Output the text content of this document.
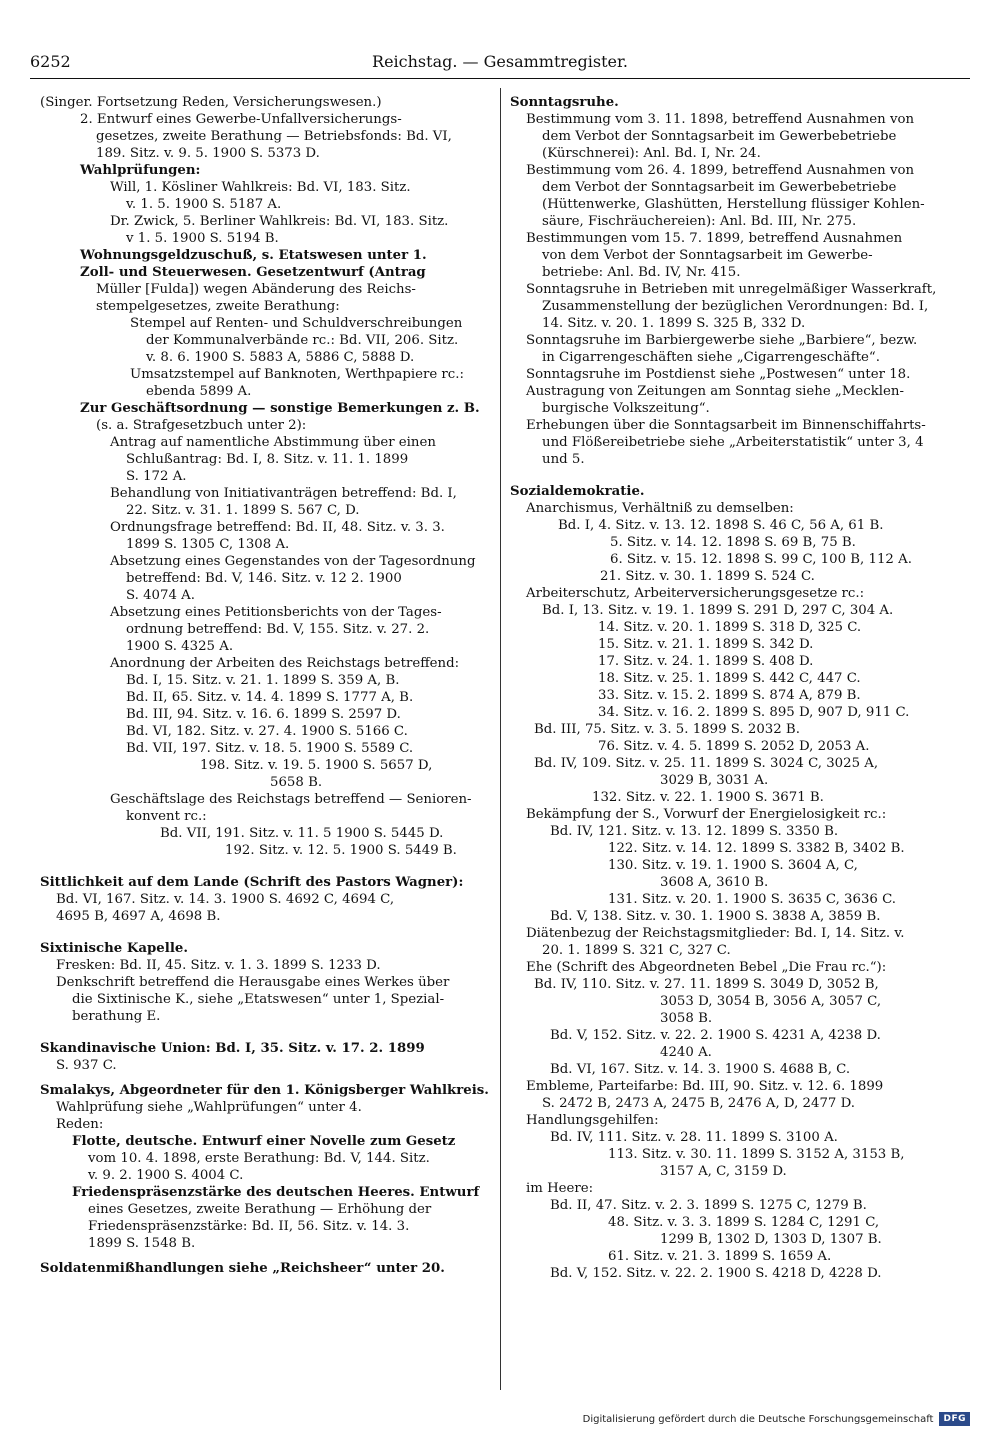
6252	Reichstag. — Gesammtregister.
(Singer. Fortsetzung Reden, Versicherungswesen.)
2. Entwurf eines Gewerbe-Unfallversicherungs-
gesetzes, zweite Berathung — Betriebsfonds: Bd. VI,
189. Sitz. v. 9. 5. 1900 S. 5373 D.
Wahlprüfungen:
Will, 1. Kösliner Wahlkreis: Bd. VI, 183. Sitz.
v. 1. 5. 1900 S. 5187 A.
Dr. Zwick, 5. Berliner Wahlkreis: Bd. VI, 183. Sitz.
v 1. 5. 1900 S. 5194 B.
Wohnungsgeldzuschuß, s. Etatswesen unter 1.
Zoll- und Steuerwesen. Gesetzentwurf (Antrag
Müller [Fulda]) wegen Abänderung des Reichs-
stempelgesetzes, zweite Berathung:
Stempel auf Renten- und Schuldverschreibungen
der Kommunalverbände rc.: Bd. VII, 206. Sitz.
v. 8. 6. 1900 S. 5883 A, 5886 C, 5888 D.
Umsatzstempel auf Banknoten, Werthpapiere rc.:
ebenda 5899 A.
Zur Geschäftsordnung — sonstige Bemerkungen z. B.
(s. a. Strafgesetzbuch unter 2):
Antrag auf namentliche Abstimmung über einen
Schlußantrag: Bd. I, 8. Sitz. v. 11. 1. 1899
S. 172 A.
Behandlung von Initiativanträgen betreffend: Bd. I,
22. Sitz. v. 31. 1. 1899 S. 567 C, D.
Ordnungsfrage betreffend: Bd. II, 48. Sitz. v. 3. 3.
1899 S. 1305 C, 1308 A.
Absetzung eines Gegenstandes von der Tagesordnung
betreffend: Bd. V, 146. Sitz. v. 12 2. 1900
S. 4074 A.
Absetzung eines Petitionsberichts von der Tages-
ordnung betreffend: Bd. V, 155. Sitz. v. 27. 2.
1900 S. 4325 A.
Anordnung der Arbeiten des Reichstags betreffend:
Bd. I, 15. Sitz. v. 21. 1. 1899 S. 359 A, B.
Bd. II, 65. Sitz. v. 14. 4. 1899 S. 1777 A, B.
Bd. III, 94. Sitz. v. 16. 6. 1899 S. 2597 D.
Bd. VI, 182. Sitz. v. 27. 4. 1900 S. 5166 C.
Bd. VII, 197. Sitz. v. 18. 5. 1900 S. 5589 C.
198. Sitz. v. 19. 5. 1900 S. 5657 D,
5658 B.
Geschäftslage des Reichstags betreffend — Senioren-
konvent rc.:
Bd. VII, 191. Sitz. v. 11. 5 1900 S. 5445 D.
192. Sitz. v. 12. 5. 1900 S. 5449 B.
Sittlichkeit auf dem Lande (Schrift des Pastors Wagner):
Bd. VI, 167. Sitz. v. 14. 3. 1900 S. 4692 C, 4694 C,
4695 B, 4697 A, 4698 B.
Sixtinische Kapelle.
Fresken: Bd. II, 45. Sitz. v. 1. 3. 1899 S. 1233 D.
Denkschrift betreffend die Herausgabe eines Werkes über
die Sixtinische K., siehe „Etatswesen“ unter 1, Spezial-
berathung E.
Skandinavische Union: Bd. I, 35. Sitz. v. 17. 2. 1899
S. 937 C.
Smalakys, Abgeordneter für den 1. Königsberger Wahlkreis.
Wahlprüfung siehe „Wahlprüfungen“ unter 4.
Reden:
Flotte, deutsche. Entwurf einer Novelle zum Gesetz
vom 10. 4. 1898, erste Berathung: Bd. V, 144. Sitz.
v. 9. 2. 1900 S. 4004 C.
Friedenspräsenzstärke des deutschen Heeres. Entwurf
eines Gesetzes, zweite Berathung — Erhöhung der
Friedenspräsenzstärke: Bd. II, 56. Sitz. v. 14. 3.
1899 S. 1548 B.
Soldatenmißhandlungen siehe „Reichsheer“ unter 20.
Sonntagsruhe.
Bestimmung vom 3. 11. 1898, betreffend Ausnahmen von
dem Verbot der Sonntagsarbeit im Gewerbebetriebe
(Kürschnerei): Anl. Bd. I, Nr. 24.
Bestimmung vom 26. 4. 1899, betreffend Ausnahmen von
dem Verbot der Sonntagsarbeit im Gewerbebetriebe
(Hüttenwerke, Glashütten, Herstellung flüssiger Kohlen-
säure, Fischräuchereien): Anl. Bd. III, Nr. 275.
Bestimmungen vom 15. 7. 1899, betreffend Ausnahmen
von dem Verbot der Sonntagsarbeit im Gewerbe-
betriebe: Anl. Bd. IV, Nr. 415.
Sonntagsruhe in Betrieben mit unregelmäßiger Wasserkraft,
Zusammenstellung der bezüglichen Verordnungen: Bd. I,
14. Sitz. v. 20. 1. 1899 S. 325 B, 332 D.
Sonntagsruhe im Barbiergewerbe siehe „Barbiere“, bezw.
in Cigarrengeschäften siehe „Cigarrengeschäfte“.
Sonntagsruhe im Postdienst siehe „Postwesen“ unter 18.
Austragung von Zeitungen am Sonntag siehe „Mecklen-
burgische Volkszeitung“.
Erhebungen über die Sonntagsarbeit im Binnenschiffahrts-
und Flößereibetriebe siehe „Arbeiterstatistik“ unter 3, 4
und 5.
Sozialdemokratie.
Anarchismus, Verhältniß zu demselben:
Bd. I, 4. Sitz. v. 13. 12. 1898 S. 46 C, 56 A, 61 B.
5. Sitz. v. 14. 12. 1898 S. 69 B, 75 B.
6. Sitz. v. 15. 12. 1898 S. 99 C, 100 B, 112 A.
21. Sitz. v. 30. 1. 1899 S. 524 C.
Arbeiterschutz, Arbeiterversicherungsgesetze rc.:
Bd. I, 13. Sitz. v. 19. 1. 1899 S. 291 D, 297 C, 304 A.
14. Sitz. v. 20. 1. 1899 S. 318 D, 325 C.
15. Sitz. v. 21. 1. 1899 S. 342 D.
17. Sitz. v. 24. 1. 1899 S. 408 D.
18. Sitz. v. 25. 1. 1899 S. 442 C, 447 C.
33. Sitz. v. 15. 2. 1899 S. 874 A, 879 B.
34. Sitz. v. 16. 2. 1899 S. 895 D, 907 D, 911 C.
Bd. III, 75. Sitz. v. 3. 5. 1899 S. 2032 B.
76. Sitz. v. 4. 5. 1899 S. 2052 D, 2053 A.
Bd. IV, 109. Sitz. v. 25. 11. 1899 S. 3024 C, 3025 A,
3029 B, 3031 A.
132. Sitz. v. 22. 1. 1900 S. 3671 B.
Bekämpfung der S., Vorwurf der Energielosigkeit rc.:
Bd. IV, 121. Sitz. v. 13. 12. 1899 S. 3350 B.
122. Sitz. v. 14. 12. 1899 S. 3382 B, 3402 B.
130. Sitz. v. 19. 1. 1900 S. 3604 A, C,
3608 A, 3610 B.
131. Sitz. v. 20. 1. 1900 S. 3635 C, 3636 C.
Bd. V, 138. Sitz. v. 30. 1. 1900 S. 3838 A, 3859 B.
Diätenbezug der Reichstagsmitglieder: Bd. I, 14. Sitz. v.
20. 1. 1899 S. 321 C, 327 C.
Ehe (Schrift des Abgeordneten Bebel „Die Frau rc.“):
Bd. IV, 110. Sitz. v. 27. 11. 1899 S. 3049 D, 3052 B,
3053 D, 3054 B, 3056 A, 3057 C,
3058 B.
Bd. V, 152. Sitz. v. 22. 2. 1900 S. 4231 A, 4238 D.
4240 A.
Bd. VI, 167. Sitz. v. 14. 3. 1900 S. 4688 B, C.
Embleme, Parteifarbe: Bd. III, 90. Sitz. v. 12. 6. 1899
S. 2472 B, 2473 A, 2475 B, 2476 A, D, 2477 D.
Handlungsgehilfen:
Bd. IV, 111. Sitz. v. 28. 11. 1899 S. 3100 A.
113. Sitz. v. 30. 11. 1899 S. 3152 A, 3153 B,
3157 A, C, 3159 D.
im Heere:
Bd. II, 47. Sitz. v. 2. 3. 1899 S. 1275 C, 1279 B.
48. Sitz. v. 3. 3. 1899 S. 1284 C, 1291 C,
1299 B, 1302 D, 1303 D, 1307 B.
61. Sitz. v. 21. 3. 1899 S. 1659 A.
Bd. V, 152. Sitz. v. 22. 2. 1900 S. 4218 D, 4228 D.
Digitalisierung gefördert durch die Deutsche Forschungsgemeinschaft	DFG
